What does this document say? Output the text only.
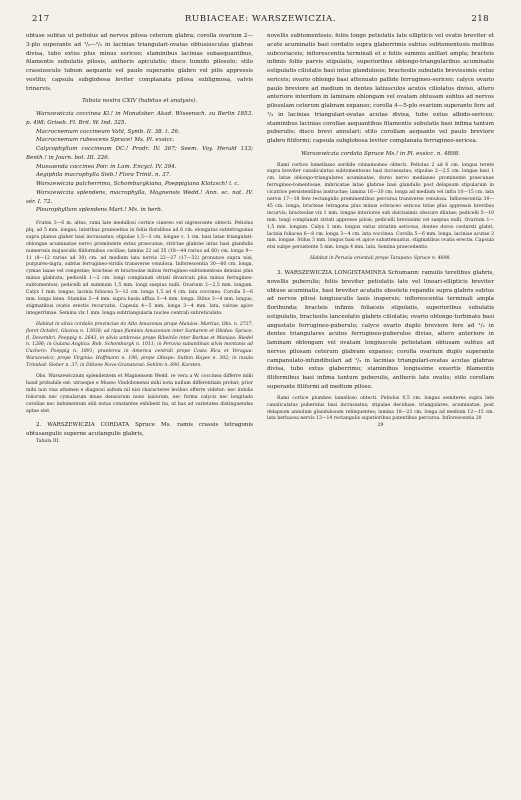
217	RUBIACEAE: WARSZEWICZIA.	218

obtuse subtus ut petiolus ad nervos pilosa ceterum glabra; corolla ovarium 2—3-plo superante ad ¹/₃—²/₅ in lacinias triangulari-ovatas obtusiusculas glabras divisa, tubo extus plus minus sericeo; staminibus lacinias subaequantibus, filamentis subulatis pilosis, antheris apiculatis; disco tumido pilosulo; stilo crassiusculo tubum aequante vel paulo superante glabro vel pilis appressis vestito; capsula subglobosa leviter complanata pilosa subligmosa, valvis trinervis.

Tabula nostra CXIV (habitus et analysis).

Warszewiczia coccinea Kl.! in Monatsber. Akad. Wissensch. zu Berlin 1853. p. 498; Griseb. Fl. Brit. W. Ind. 325.

Macrocnemum coccineum Vahl, Symb. II. 38. t. 26.

Macrocnemum rubescens Spruce! Ms. Pl. exsicc.

Calycophyllum coccineum DC.! Prodr. IV. 367; Seem. Voy. Herald 133; Benth.! in Journ. bot. III. 226.

Mussaenda coccinea Poir. in Lam. Encycl. IV. 394.

Aegiphila macrophylla Sieb.! Flora Trinit. n. 37.

Warszewiczia pulcherrima, Schomburgkiana, Poeppigiana Klotzsch! l. c.

Warszewiczia splendens, macrophylla, Magnensis Wedd.! Ann. sc. nat. IV. sér. I. 72.

Pleurophyllum splendens Mart.! Ms. in herb.

Frutex 3—6 m. altus, rami late medullosi cortice cinereo vel nigrescente obtecti. Petiolus plq. ad 5 mm. longus, lateribus pruinoetius in foliis floralibus ad 6 cm. elongatus subtetragonus supra planus glaber basi incrassatus; stipulae 1,5—3 cm. longae c. 1 cm. basi latae triangulari-oblongae acuminatae nervo prominente extus praecunae, strictae glabrae intus basi glandulis numerosis majusculis filiformibus ceciliae; lamina 22 ad 35 (18—44 rarius ad 60) cm. longa 9—11 (8—12 rarius ad 30) cm. ad medium lata nervis 22—27 (17—32) pronunce supra nisi, purpureo-nigra, subtus ferrugineo-viridis transverse venulosa. Inflorescentia 30—60 cm. longa, cymae laxae vel congestae; bracteae et bracteolae minus ferrugineo-subtomentosa densius plus minus glabrata; pedicelli 1—2 cm. longi complanati striati divaricati plus minus ferrugineo-subtomentosi; pedicelli ad summum 1,5 mm. longi saepius nulli. Ovarium 2—2,5 mm. longum. Calyx 1 mm. longus, lacinia foliacea 5—12 cm. longa 1,5 ad 4 cm. lata coccinea. Corolla 5—6 mm. longa latea. Stamina 2—4 mm. supra basin affixa 3—4 mm. longa. Stilus 3—4 mm. longus, stigmatibus ovatis erectis recurvatis. Capsula 4—5 mm. longa 3—4 mm. lata, valvae apice integerrimae. Semina vix 1 mm. longa subtriangularia nucleo centrali subreticulato.

Habitat in silvis cordalis provinciae do Alto Amazonas prope Manáos: Martius, Obs. n. 2737, floret Octobri, Glaziou n. 13938; ad ripas fluminis Amazonum inter Santarem et Obidos: Spruce, fl. Decembri, Poeppig n. 2643, in silvis umbrosis prope Ribeirão inter Barbas et Manáos: Riedel n. 1286; in Guiana Anglica: Rob. Schomburgk n. 1011; in Peruvia subandinas silvis montanis ad Cuchero: Poeppig n. 1891; praeterea in America centrali prope Costa Rica et Veragua: Warscewicz; prope Virginia: Hoffmann n. 196; prope Obispo: Sutton Hayes n. 302; in insula Trinidad: Sieber n. 37; in Ditione Novo-Granatensi: Sehlim n. 690, Karsten.

Obs. Warszewiczium splendentem et Magnensem Wedd. re vera a W. coccinea differre mihi haud probabile est: utraeque e Museo Vindobonensi mihi nota nullum differentiam probat; prior mihi non visa attamen e diagnosi saltem nil nisi characteres levibus offerre videtur: nec indolis foliorum nec cymularum mnae densiorum nono laxiorum, nec forma calycis nec longitudo corollae nec indumentum stili notas constantes exhibent ita, ut has ad varietates distinguendas aptae sint.

2. WARSZEWICZIA CORDATA Spruce Ms. ramis crassis tetragonis obtusangulis superne acutangulis glabris,

Tabula III.

novellis subtomentosis; foliis longe petiolatis late ellipticis vel ovatis breviter et acute acuminatis basi cordatis supra glaberrimis subtus subtomentosis molibus subcoriaceis; inflorescentia terminali et e foliis summis axillari ampla; bracteis infimis foliis parvis stipulatis, superioribus oblongo-triangularibus acuminatis estipulatis ciliolatis basi intus glandulosis; bracteolis subulatis brevissimis extus sericeis; ovario oblongo basi attenuato pallide ferrugineo-sericeo; calyce ovario paulo breviore ad medium in dentes latiusculos acutos ciliolatos diviso, altero anteriore interdum in laminam oblongam vel ovatam obtusam subtus ad nervos pilosulam ceterum glabram expanso; corolla 4—5-plo ovarium superante fere ad ¹/₃ in lacinias triangulari-ovatas acutas divisa, tubo extus albido-sericeo; staminibus lacinias corollae aequantibus filamentis subulatis basi infima tantum puberulis; disco brevi annulari; stilo corollam aequante vel paulo breviore glabro filiformi; capsula subglobosa leviter complanata ferrugineo-sericea.

Warszewiczia cordata Spruce Ms.! in Pl. exsicc. n. 4898.

Rami cortice lumellasso sordide cinnamomeo obtecti. Petiolus 2 ad 6 cm. longus terete supra breviter canaliculatus subtomentosus basi incrassatus; stipulae 2—2,5 cm. longae basi 1 cm. latae oblongo-triangulares acuminatae, dorso nervo medianeo prominente praecunae ferrugineo-tomentosae, imbricatae latae glabrae basi glandulis post delapsum stipularum in cicatrice persistentibus instructae; lamina 16—30 cm. longa ad medium vel infra 10—15 cm. lata nervis 17—18 fere rectangulis prominentibus percursa transverse venulosa. Inflorescentia 30—45 cm. longa; bracteae tetragona plus minus ochraceo sericea totae plus appressis brevibus incurvis; bracteolae vix 1 mm. longae interiores sub dulcissimis obscure dilutae; pedicelli 5—10 mm. longi complanati striati appresse pilosi; pedicelli brevissimi vel saepius nulli. Ovarium 1—1,5 mm. longum. Calyx 1 mm. longus extus striatim sericeus, dentes dorso costarsti glabri, lacinia foliacea 6—8 cm. longa 3—4 cm. lata coccinea. Corolla 5—6 mm. longa, laciniae acutae 2 mm. longae. Stilus 3 mm. longus basi et apice subattenuatus, stigmatibus ovatis erectis. Capsula etsi subpe persistente 5 mm. longa 4 mm. lata. Semina praecedentis.

Habitat in Peruvia orientali prope Tarapoto: Spruce n. 4898.

3. WARSZEWICZIA LONGISTAMINEA Schumann: ramulis teretibus glabris, novellis puberulis; foliis breviter petiolatis late vel lineari-ellipticis breviter obtuse acuminatis, basi breviter acutatis obsolete repandis supra glabris subtus ad nervos pilosi longiusculis laxis inspersis; inflorescentia terminali ampla floribunda; bracteis infimis foliaceis stipulatis, superioribus subulatis estipulatis, bracteolis lanceolatis glabris ciliolatis; ovario oblongo-turbinato basi angustato ferrugineo-puberulo; calyce ovario duplo breviore fere ad ¹/₂ in dentes triangulares acutos ferrugineo-puberulos diviso, altero anteriore in laminam oblongam vel ovatam longiuscule petiolatam obtusam subtus ad nervos pilosam ceterum glabram expanso; corolla ovarium duplo superante campanulato-infundibulari ad ¹/₃ in lacinias triangulari-ovatas acutas glabras divisa, tubo extus glaberrimo; staminibus longissime exsertis filamentis filiformibus basi infima tantum puberulis, antheris late ovatis; stilo corollam superante filiformi ad medium piloso.

Rami cortice plumbeo lamelloso obtecti. Petiolus 0,5 cm. longus semiteres supra late canaliculatus puberulus basi incrassatus; stipulae deciduae, triangulares, acuminatae, post delapsum annulum glandulosum relinquentes; lamina 18—23 cm. longa ad medium 12—15 cm. lata herbacea nervis 13—14 rectangulis superioribus patentibus percursa. Inflorescentia 20

29
